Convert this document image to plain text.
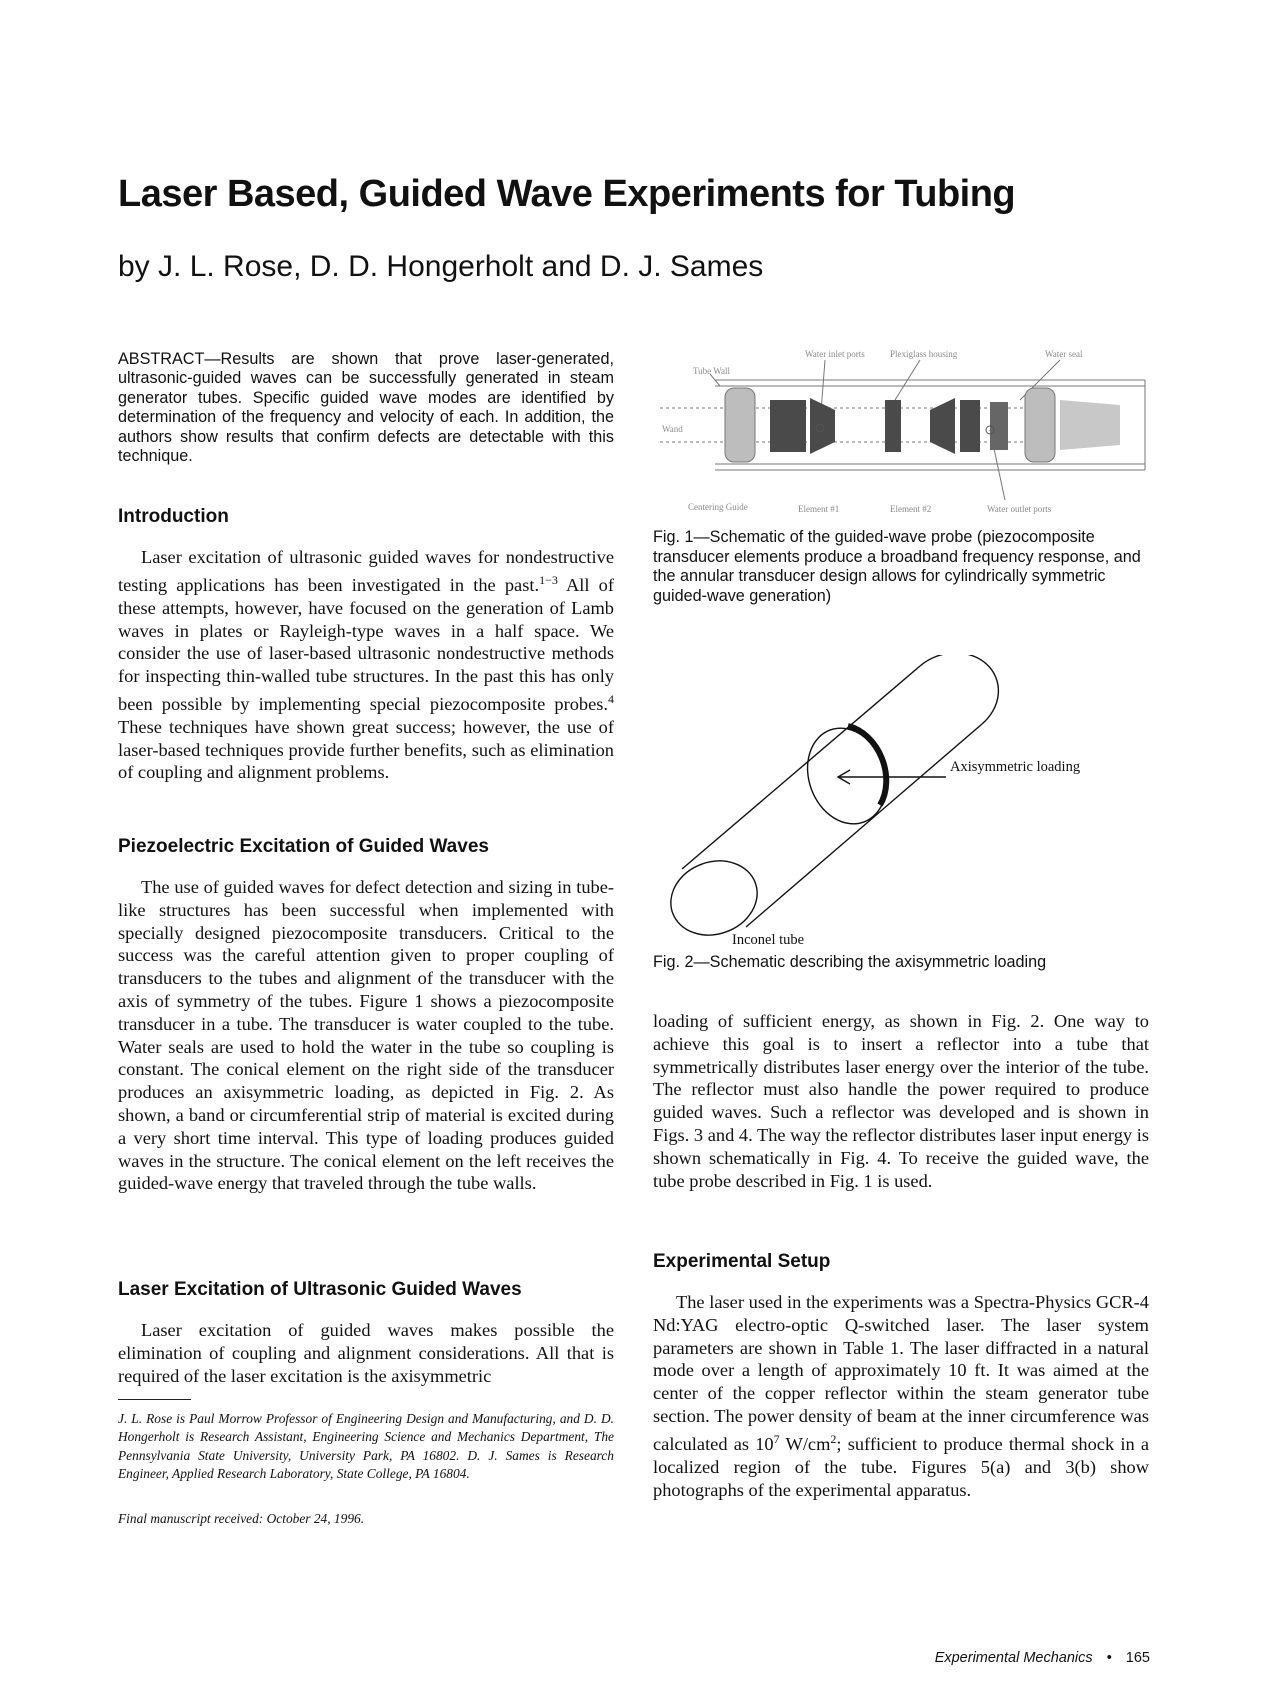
Laser Based, Guided Wave Experiments for Tubing
by J. L. Rose, D. D. Hongerholt and D. J. Sames

ABSTRACT—Results are shown that prove laser-generated, ultrasonic-guided waves can be successfully generated in steam generator tubes. Specific guided wave modes are identified by determination of the frequency and velocity of each. In addition, the authors show results that confirm defects are detectable with this technique.

Introduction

Laser excitation of ultrasonic guided waves for nondestructive testing applications has been investigated in the past.$^{1-3}$ All of these attempts, however, have focused on the generation of Lamb waves in plates or Rayleigh-type waves in a half space. We consider the use of laser-based ultrasonic nondestructive methods for inspecting thin-walled tube structures. In the past this has only been possible by implementing special piezocomposite probes.$^4$ These techniques have shown great success; however, the use of laser-based techniques provide further benefits, such as elimination of coupling and alignment problems.

Piezoelectric Excitation of Guided Waves

The use of guided waves for defect detection and sizing in tube-like structures has been successful when implemented with specially designed piezocomposite transducers. Critical to the success was the careful attention given to proper coupling of transducers to the tubes and alignment of the transducer with the axis of symmetry of the tubes. Figure 1 shows a piezocomposite transducer in a tube. The transducer is water coupled to the tube. Water seals are used to hold the water in the tube so coupling is constant. The conical element on the right side of the transducer produces an axisymmetric loading, as depicted in Fig. 2. As shown, a band or circumferential strip of material is excited during a very short time interval. This type of loading produces guided waves in the structure. The conical element on the left receives the guided-wave energy that traveled through the tube walls.

Laser Excitation of Ultrasonic Guided Waves

Laser excitation of guided waves makes possible the elimination of coupling and alignment considerations. All that is required of the laser excitation is the axisymmetric

J. L. Rose is Paul Morrow Professor of Engineering Design and Manufacturing, and D. D. Hongerholt is Research Assistant, Engineering Science and Mechanics Department, The Pennsylvania State University, University Park, PA 16802. D. J. Sames is Research Engineer, Applied Research Laboratory, State College, PA 16804.

Final manuscript received: October 24, 1996.

Tube Wall
Water inlet ports	Plexiglass housing	Water seal
Wand
Centering Guide	Element #1	Element #2	Water outlet ports

Fig. 1—Schematic of the guided-wave probe (piezocomposite transducer elements produce a broadband frequency response, and the annular transducer design allows for cylindrically symmetric guided-wave generation)

Axisymmetric loading
Inconel tube

Fig. 2—Schematic describing the axisymmetric loading

loading of sufficient energy, as shown in Fig. 2. One way to achieve this goal is to insert a reflector into a tube that symmetrically distributes laser energy over the interior of the tube. The reflector must also handle the power required to produce guided waves. Such a reflector was developed and is shown in Figs. 3 and 4. The way the reflector distributes laser input energy is shown schematically in Fig. 4. To receive the guided wave, the tube probe described in Fig. 1 is used.

Experimental Setup

The laser used in the experiments was a Spectra-Physics GCR-4 Nd:YAG electro-optic Q-switched laser. The laser system parameters are shown in Table 1. The laser diffracted in a natural mode over a length of approximately 10 ft. It was aimed at the center of the copper reflector within the steam generator tube section. The power density of beam at the inner circumference was calculated as $10^7$ $W/cm^2$; sufficient to produce thermal shock in a localized region of the tube. Figures 5(a) and 3(b) show photographs of the experimental apparatus.

Experimental Mechanics • 165
